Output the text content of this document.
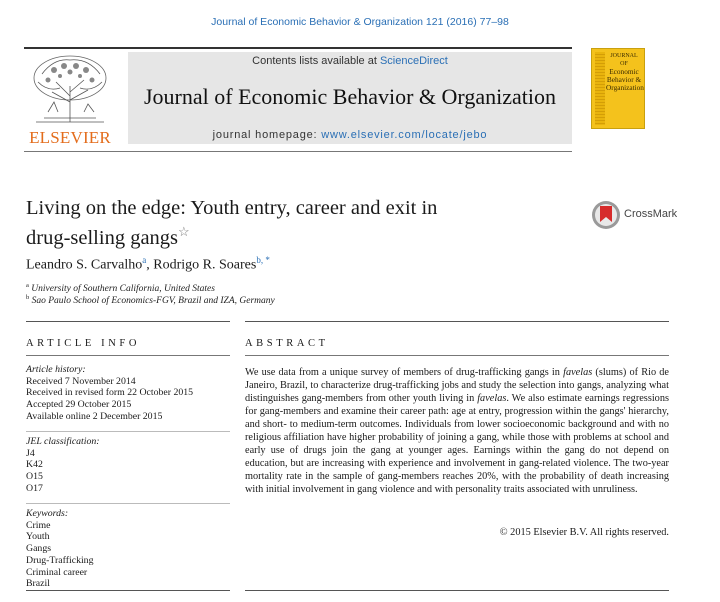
Journal of Economic Behavior & Organization 121 (2016) 77–98
ELSEVIER
Contents lists available at ScienceDirect
Journal of Economic Behavior & Organization
journal homepage: www.elsevier.com/locate/jebo
JOURNAL OF
Economic
Behavior &
Organization
Living on the edge: Youth entry, career and exit in
drug-selling gangs☆
CrossMark
Leandro S. Carvalho$^a$, Rodrigo R. Soares$^{b, *}$
$^a$ University of Southern California, United States
$^b$ Sao Paulo School of Economics-FGV, Brazil and IZA, Germany
ARTICLE INFO	ABSTRACT
Article history:
Received 7 November 2014
Received in revised form 22 October 2015
Accepted 29 October 2015
Available online 2 December 2015
JEL classification:
J4
K42
O15
O17
Keywords:
Crime
Youth
Gangs
Drug-Trafficking
Criminal career
Brazil
We use data from a unique survey of members of drug-trafficking gangs in favelas (slums) of Rio de Janeiro, Brazil, to characterize drug-trafficking jobs and study the selection into gangs, analyzing what distinguishes gang-members from other youth living in favelas. We also estimate earnings regressions for gang-members and examine their career path: age at entry, progression within the gangs' hierarchy, and short- to medium-term outcomes. Individuals from lower socioeconomic background and with no religious affiliation have higher probability of joining a gang, while those with problems at school and early use of drugs join the gang at younger ages. Earnings within the gang do not depend on education, but are increasing with experience and involvement in gang-related violence. The two-year mortality rate in the sample of gang-members reaches 20%, with the probability of death increasing with initial involvement in gang violence and with personality traits associated with unruliness.
© 2015 Elsevier B.V. All rights reserved.
